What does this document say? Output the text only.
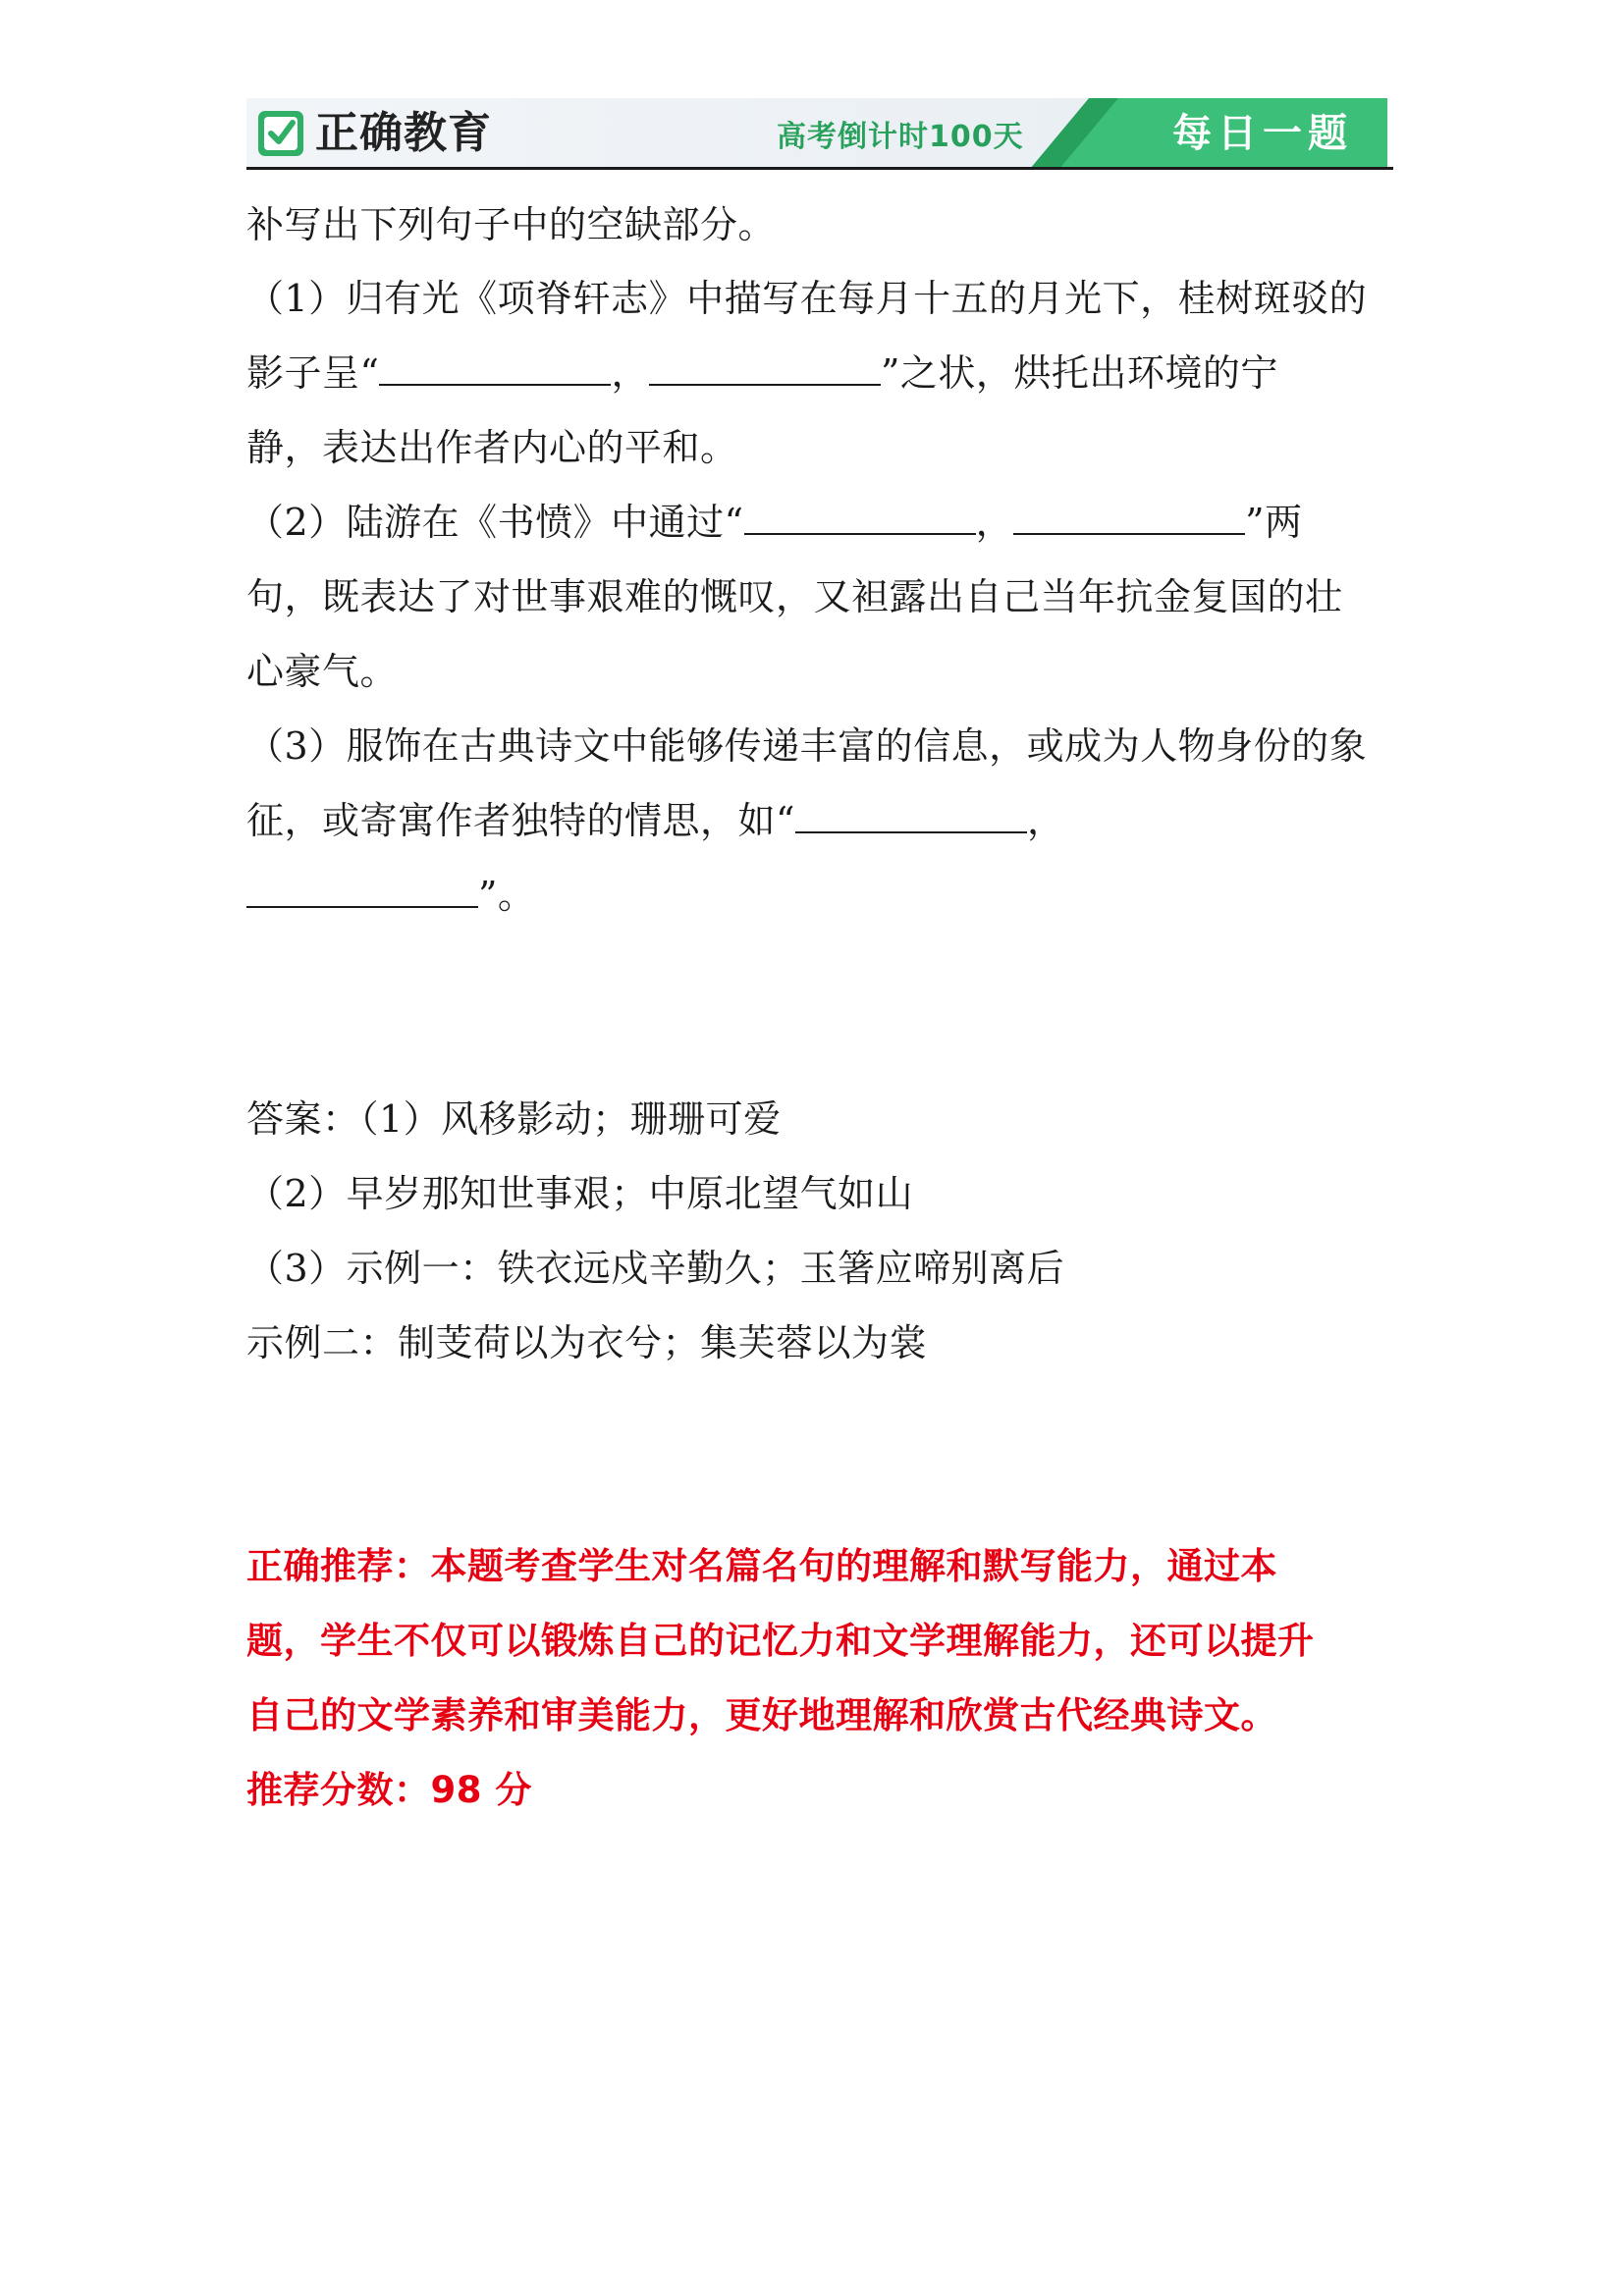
正确教育	高考倒计时100天	每日一题
补写出下列句子中的空缺部分。
（1）归有光《项脊轩志》中描写在每月十五的月光下，桂树斑驳的
影子呈“	，	”之状，烘托出环境的宁
静，表达出作者内心的平和。
（2）陆游在《书愤》中通过“	，	”两
句，既表达了对世事艰难的慨叹，又袒露出自己当年抗金复国的壮
心豪气。
（3）服饰在古典诗文中能够传递丰富的信息，或成为人物身份的象
征，或寄寓作者独特的情思，如“	，
”。
答案：（1）风移影动；珊珊可爱
（2）早岁那知世事艰；中原北望气如山
（3）示例一：铁衣远戍辛勤久；玉箸应啼别离后
示例二：制芰荷以为衣兮；集芙蓉以为裳
正确推荐：本题考查学生对名篇名句的理解和默写能力，通过本
题，学生不仅可以锻炼自己的记忆力和文学理解能力，还可以提升
自己的文学素养和审美能力，更好地理解和欣赏古代经典诗文。
推荐分数：98 分
